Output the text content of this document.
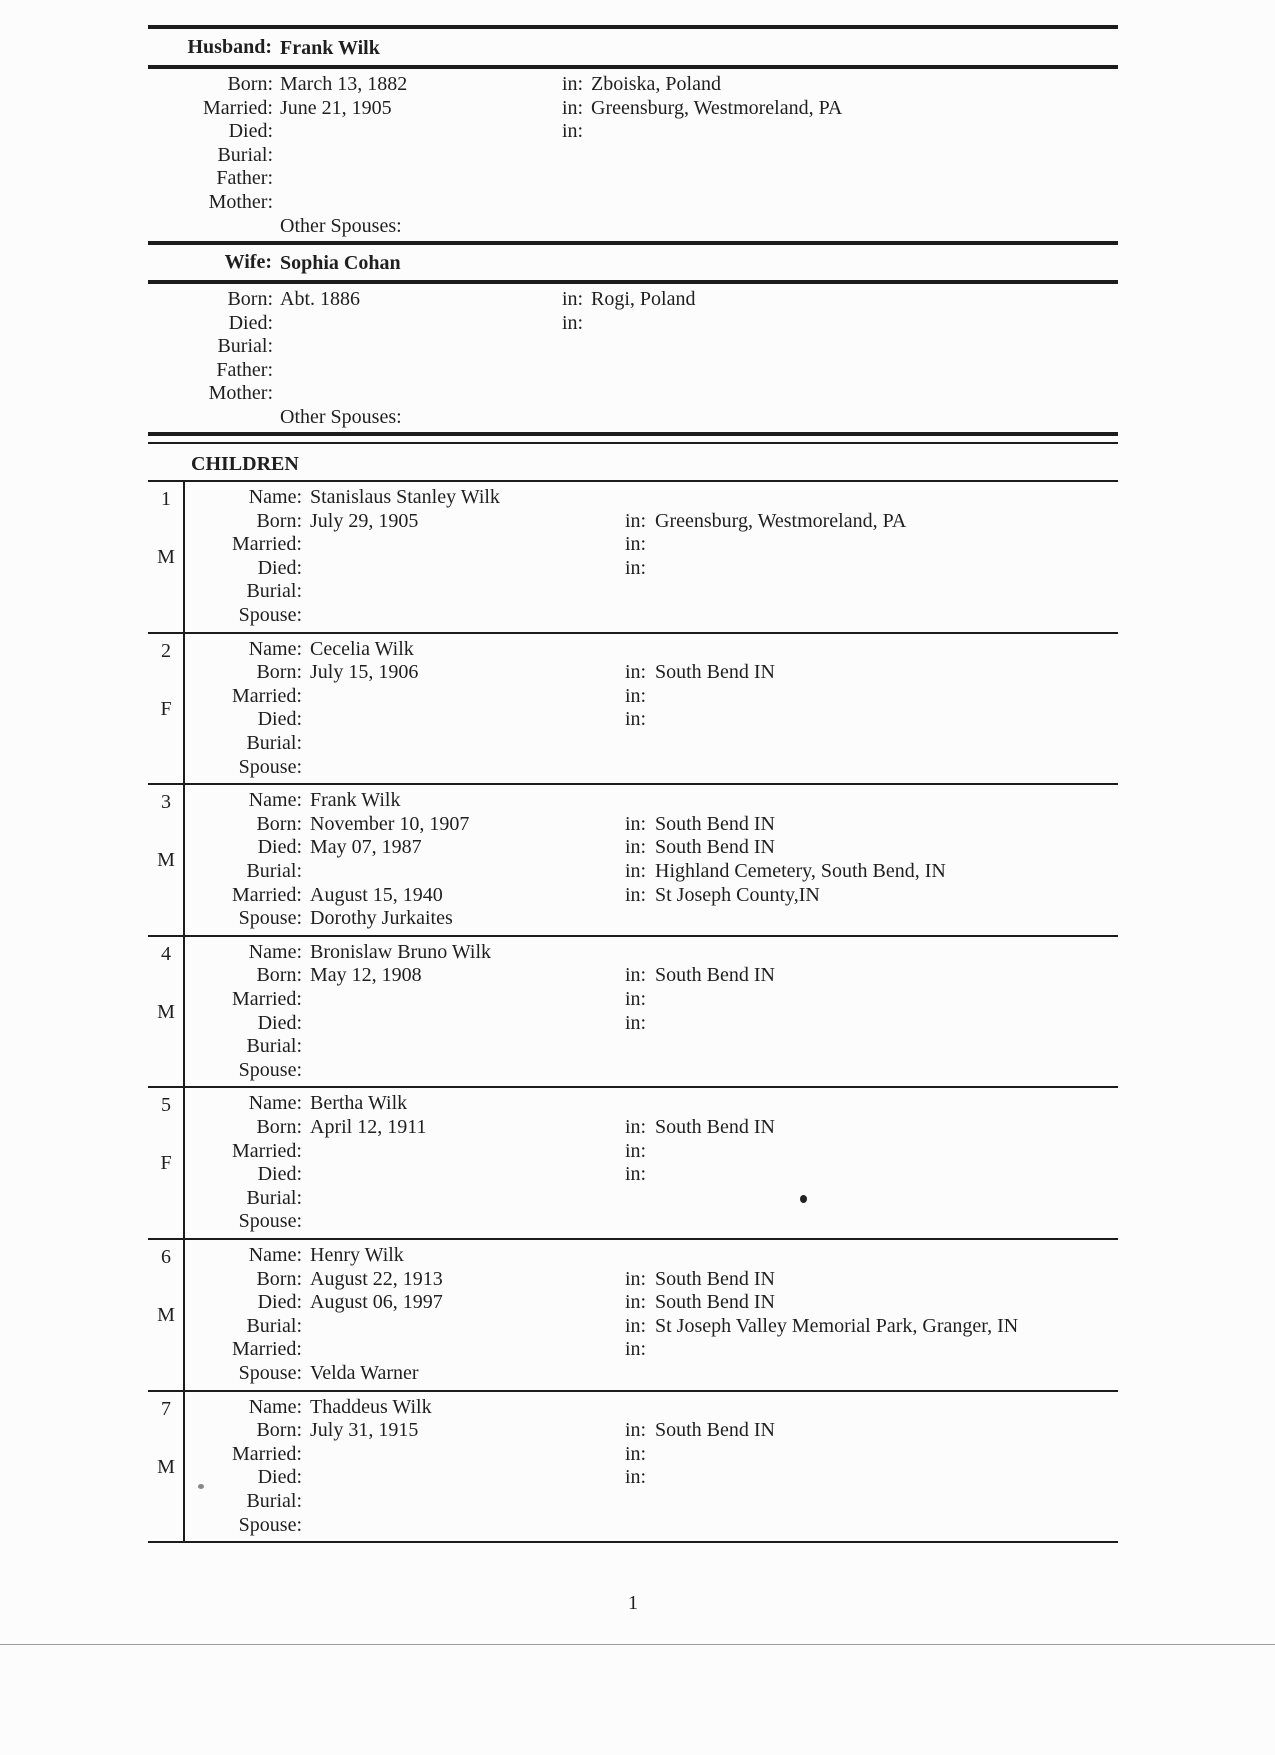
Husband: Frank Wilk
Born: March 13, 1882	in: Zboiska, Poland
Married: June 21, 1905	in: Greensburg, Westmoreland, PA
Died:	in:
Burial:
Father:
Mother:
Other Spouses:
Wife: Sophia Cohan
Born: Abt. 1886	in: Rogi, Poland
Died:	in:
Burial:
Father:
Mother:
Other Spouses:
CHILDREN
1
M
Name: Stanislaus Stanley Wilk
Born: July 29, 1905	in: Greensburg, Westmoreland, PA
Married:	in:
Died:	in:
Burial:
Spouse:
2
F
Name: Cecelia Wilk
Born: July 15, 1906	in: South Bend IN
Married:	in:
Died:	in:
Burial:
Spouse:
3
M
Name: Frank Wilk
Born: November 10, 1907	in: South Bend IN
Died: May 07, 1987	in: South Bend IN
Burial:	in: Highland Cemetery, South Bend, IN
Married: August 15, 1940	in: St Joseph County,IN
Spouse: Dorothy Jurkaites
4
M
Name: Bronislaw Bruno Wilk
Born: May 12, 1908	in: South Bend IN
Married:	in:
Died:	in:
Burial:
Spouse:
5
F
Name: Bertha Wilk
Born: April 12, 1911	in: South Bend IN
Married:	in:
Died:	in:
Burial:
Spouse:
6
M
Name: Henry Wilk
Born: August 22, 1913	in: South Bend IN
Died: August 06, 1997	in: South Bend IN
Burial:	in: St Joseph Valley Memorial Park, Granger, IN
Married:	in:
Spouse: Velda Warner
7
M
Name: Thaddeus Wilk
Born: July 31, 1915	in: South Bend IN
Married:	in:
Died:	in:
Burial:
Spouse:
1
